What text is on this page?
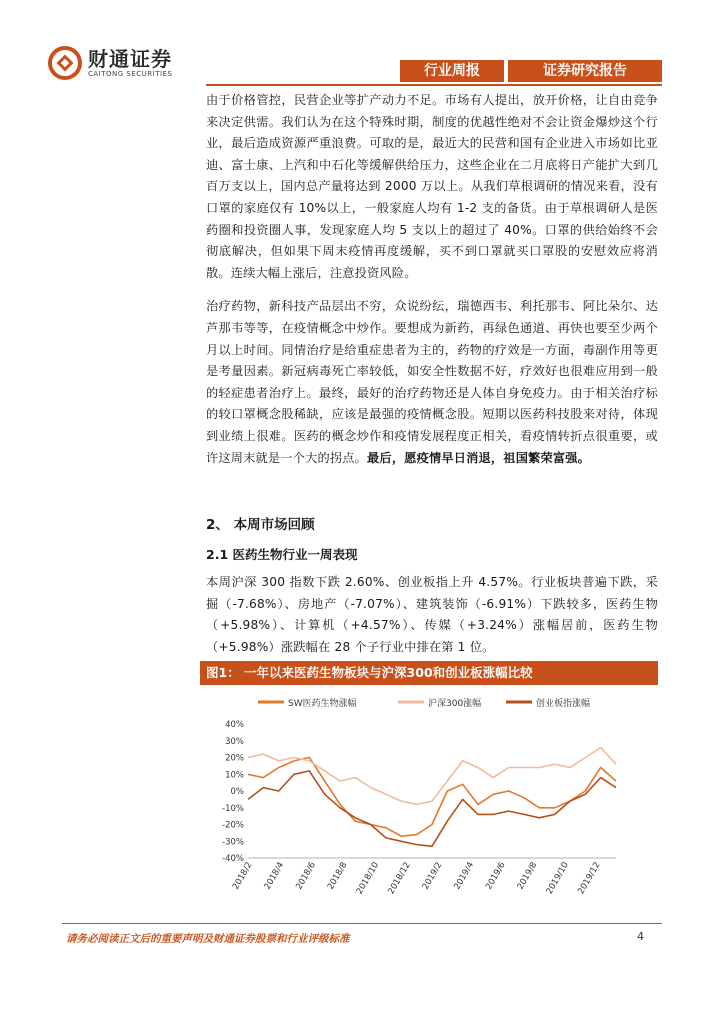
财通证券
CAITONG SECURITIES	行业周报	证券研究报告

由于价格管控，民营企业等扩产动力不足。市场有人提出，放开价格，让自由竞争来决定供需。我们认为在这个特殊时期，制度的优越性绝对不会让资金爆炒这个行业，最后造成资源严重浪费。可取的是，最近大的民营和国有企业进入市场如比亚迪、富士康、上汽和中石化等缓解供给压力，这些企业在二月底将日产能扩大到几百万支以上，国内总产量将达到 2000 万以上。从我们草根调研的情况来看，没有口罩的家庭仅有 10%以上，一般家庭人均有 1-2 支的备货。由于草根调研人是医药圈和投资圈人事，发现家庭人均 5 支以上的超过了 40%。口罩的供给始终不会彻底解决，但如果下周末疫情再度缓解，买不到口罩就买口罩股的安慰效应将消散。连续大幅上涨后，注意投资风险。

治疗药物，新科技产品层出不穷，众说纷纭，瑞德西韦、利托那韦、阿比朵尔、达芦那韦等等，在疫情概念中炒作。要想成为新药，再绿色通道、再快也要至少两个月以上时间。同情治疗是给重症患者为主的，药物的疗效是一方面，毒副作用等更是考量因素。新冠病毒死亡率较低，如安全性数据不好，疗效好也很难应用到一般的轻症患者治疗上。最终，最好的治疗药物还是人体自身免疫力。由于相关治疗标的较口罩概念股稀缺，应该是最强的疫情概念股。短期以医药科技股来对待，体现到业绩上很难。医药的概念炒作和疫情发展程度正相关，看疫情转折点很重要，或许这周末就是一个大的拐点。最后，愿疫情早日消退，祖国繁荣富强。

2、 本周市场回顾
2.1 医药生物行业一周表现

本周沪深 300 指数下跌 2.60%、创业板指上升 4.57%。行业板块普遍下跌，采掘（-7.68%）、房地产（-7.07%）、建筑装饰（-6.91%）下跌较多，医药生物（+5.98%）、计算机（+4.57%）、传媒（+3.24%）涨幅居前，医药生物（+5.98%）涨跌幅在 28 个子行业中排在第 1 位。

图1： 一年以来医药生物板块与沪深300和创业板涨幅比较
SW医药生物涨幅	沪深300涨幅	创业板指涨幅
40%
30%
20%
10%
0%
-10%
-20%
-30%
-40%
2018/2 2018/4 2018/6 2018/8 2018/10 2018/12 2019/2 2019/4 2019/6 2019/8 2019/10 2019/12
请务必阅读正文后的重要声明及财通证券股票和行业评级标准	4
